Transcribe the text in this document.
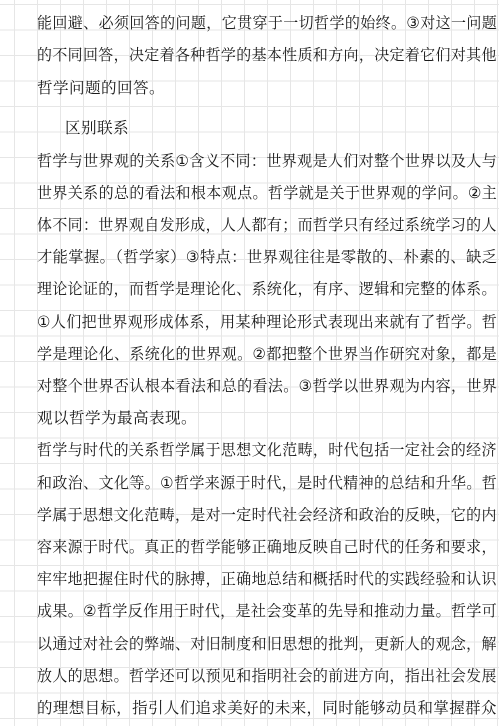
能回避、必须回答的问题，它贯穿于一切哲学的始终。③对这一问题
的不同回答，决定着各种哲学的基本性质和方向，决定着它们对其他
哲学问题的回答。
区别联系
哲学与世界观的关系①含义不同：世界观是人们对整个世界以及人与
世界关系的总的看法和根本观点。哲学就是关于世界观的学问。②主
体不同：世界观自发形成，人人都有；而哲学只有经过系统学习的人
才能掌握。（哲学家）③特点：世界观往往是零散的、朴素的、缺乏
理论论证的，而哲学是理论化、系统化，有序、逻辑和完整的体系。
①人们把世界观形成体系，用某种理论形式表现出来就有了哲学。哲
学是理论化、系统化的世界观。②都把整个世界当作研究对象，都是
对整个世界否认根本看法和总的看法。③哲学以世界观为内容，世界
观以哲学为最高表现。
哲学与时代的关系哲学属于思想文化范畴，时代包括一定社会的经济
和政治、文化等。①哲学来源于时代，是时代精神的总结和升华。哲
学属于思想文化范畴，是对一定时代社会经济和政治的反映，它的内
容来源于时代。真正的哲学能够正确地反映自己时代的任务和要求，
牢牢地把握住时代的脉搏，正确地总结和概括时代的实践经验和认识
成果。②哲学反作用于时代，是社会变革的先导和推动力量。哲学可
以通过对社会的弊端、对旧制度和旧思想的批判，更新人的观念，解
放人的思想。哲学还可以预见和指明社会的前进方向，指出社会发展
的理想目标，指引人们追求美好的未来，同时能够动员和掌握群众
